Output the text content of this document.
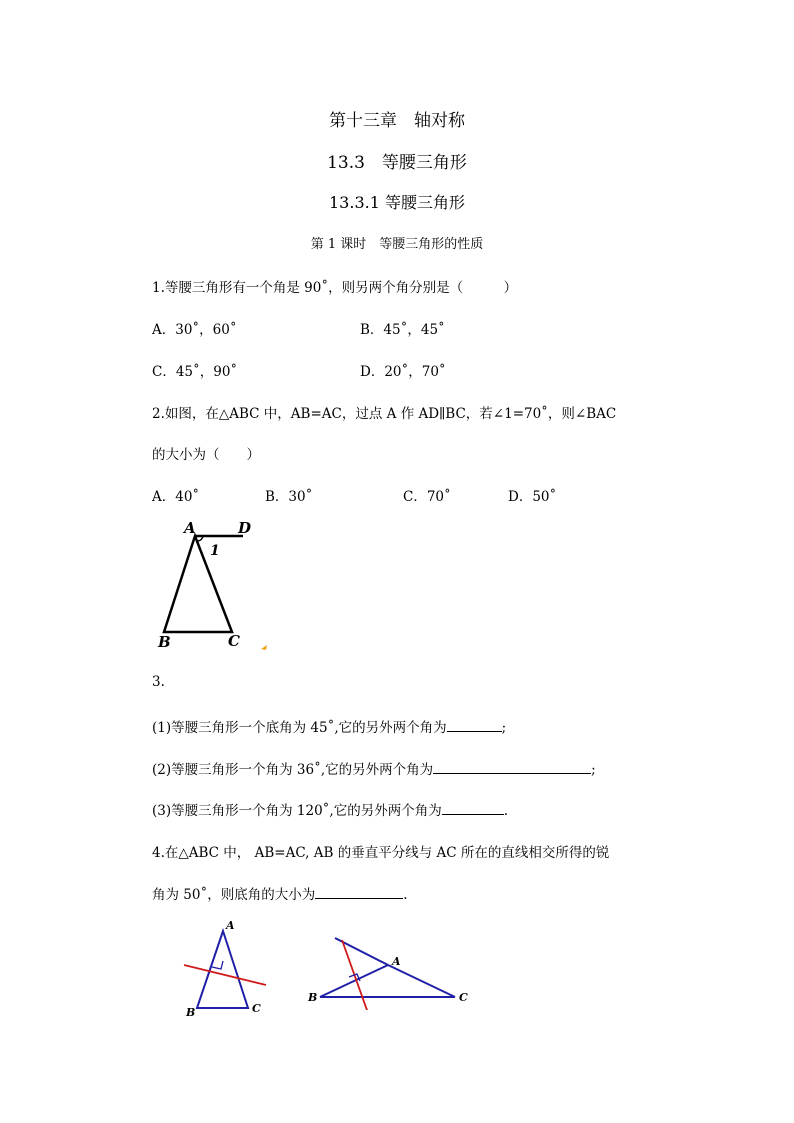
第十三章　轴对称
13.3　等腰三角形
13.3.1 等腰三角形
第 1 课时　等腰三角形的性质
1.等腰三角形有一个角是 90˚，则另两个角分别是（　　　）
A．30˚，60˚	B．45˚，45˚
C．45˚，90˚	D．20˚，70˚
2.如图，在△ABC 中，AB=AC，过点 A 作 AD∥BC，若∠1=70˚，则∠BAC
的大小为（　　）
A．40˚	B．30˚	C．70˚	D．50˚
A	D
1
B	C
3.
(1)等腰三角形一个底角为 45˚,它的另外两个角为	;
(2)等腰三角形一个角为 36˚,它的另外两个角为	;
(3)等腰三角形一个角为 120˚,它的另外两个角为	.
4.在△ABC 中， AB=AC, AB 的垂直平分线与 AC 所在的直线相交所得的锐
角为 50˚，则底角的大小为	.
A
B	C
A
B	C
